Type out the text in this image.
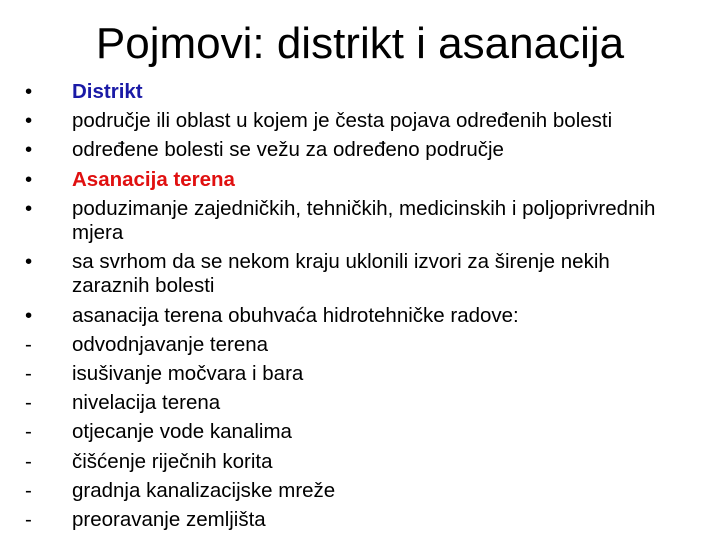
Pojmovi: distrikt i asanacija
•	Distrikt
•	područje ili oblast u kojem je česta pojava određenih bolesti
•	određene bolesti se vežu za određeno područje
•	Asanacija terena
•	poduzimanje zajedničkih, tehničkih, medicinskih i poljoprivrednih mjera
•	sa svrhom da se nekom kraju uklonili izvori za širenje nekih zaraznih bolesti
•	asanacija terena obuhvaća hidrotehničke radove:
-	odvodnjavanje terena
-	isušivanje močvara i bara
-	nivelacija terena
-	otjecanje vode kanalima
-	čišćenje riječnih korita
-	gradnja kanalizacijske mreže
-	preoravanje zemljišta
